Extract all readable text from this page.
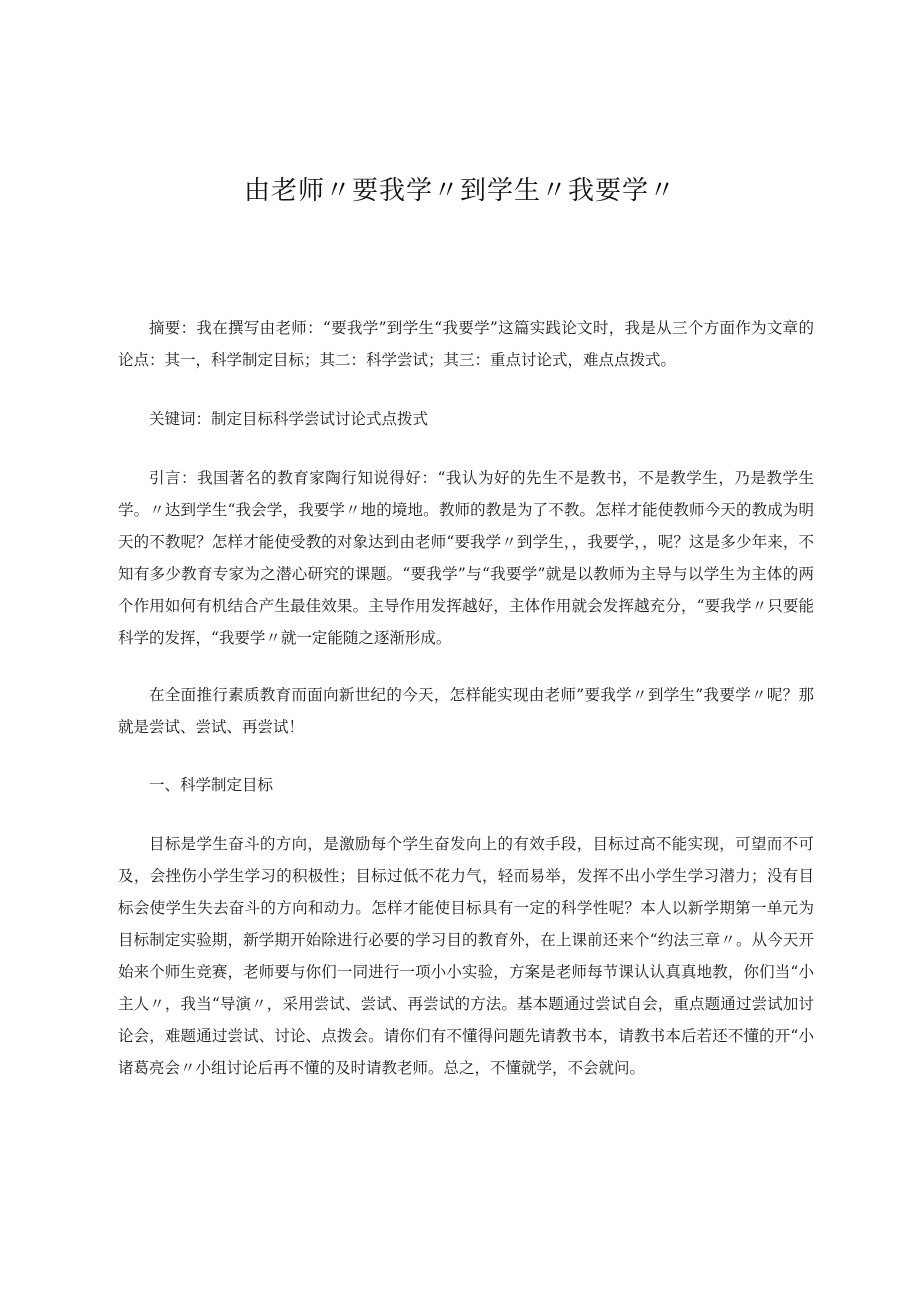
由老师〃要我学〃到学生〃我要学〃

摘要：我在撰写由老师：“要我学”到学生“我要学”这篇实践论文时，我是从三个方面作为文章的论点：其一，科学制定目标；其二：科学尝试；其三：重点讨论式，难点点拨式。

关键词：制定目标科学尝试讨论式点拨式

引言：我国著名的教育家陶行知说得好：“我认为好的先生不是教书，不是教学生，乃是教学生学。〃达到学生“我会学，我要学〃地的境地。教师的教是为了不教。怎样才能使教师今天的教成为明天的不教呢？怎样才能使受教的对象达到由老师“要我学〃到学生，，我要学，，呢？这是多少年来，不知有多少教育专家为之潜心研究的课题。“要我学”与“我要学”就是以教师为主导与以学生为主体的两个作用如何有机结合产生最佳效果。主导作用发挥越好，主体作用就会发挥越充分，“要我学〃只要能科学的发挥，“我要学〃就一定能随之逐渐形成。

在全面推行素质教育而面向新世纪的今天，怎样能实现由老师”要我学〃到学生”我要学〃呢？那就是尝试、尝试、再尝试！

一、科学制定目标

目标是学生奋斗的方向，是激励每个学生奋发向上的有效手段，目标过高不能实现，可望而不可及，会挫伤小学生学习的积极性；目标过低不花力气，轻而易举，发挥不出小学生学习潜力；没有目标会使学生失去奋斗的方向和动力。怎样才能使目标具有一定的科学性呢？本人以新学期第一单元为目标制定实验期，新学期开始除进行必要的学习目的教育外，在上课前还来个“约法三章〃。从今天开始来个师生竞赛，老师要与你们一同进行一项小小实验，方案是老师每节课认认真真地教，你们当“小主人〃，我当“导演〃，采用尝试、尝试、再尝试的方法。基本题通过尝试自会，重点题通过尝试加讨论会，难题通过尝试、讨论、点拨会。请你们有不懂得问题先请教书本，请教书本后若还不懂的开“小诸葛亮会〃小组讨论后再不懂的及时请教老师。总之，不懂就学，不会就问。
